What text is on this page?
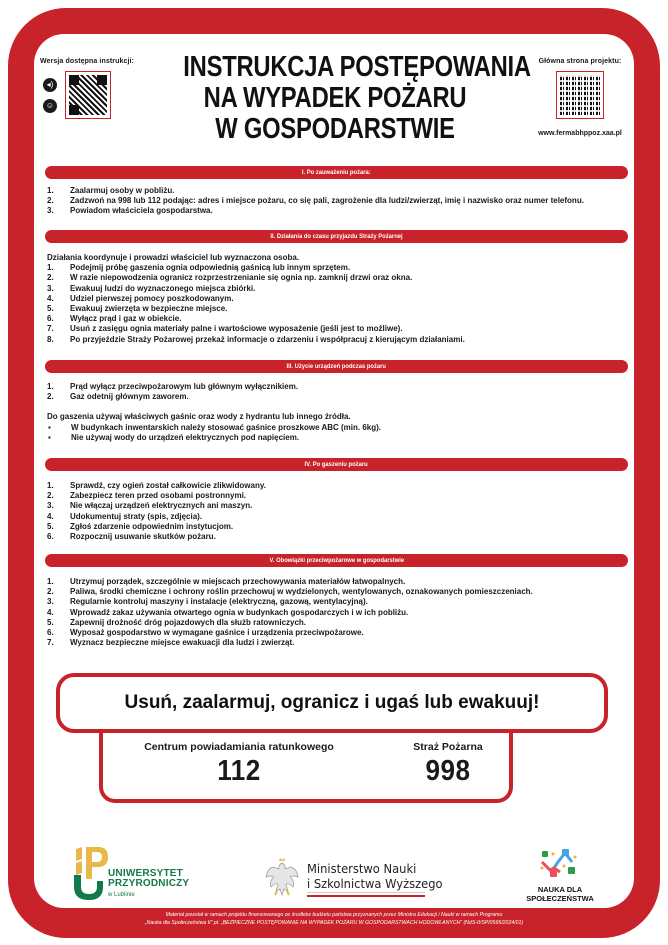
Wersja dostępna instrukcji:
◂)
☺
INSTRUKCJA POSTĘPOWANIA
NA WYPADEK POŻARU
W GOSPODARSTWIE
Główna strona projektu:
www.fermabhppoz.xaa.pl
I. Po zauważeniu pożara:
1.	Zaalarmuj osoby w pobliżu.
2.	Zadzwoń na 998 lub 112 podając: adres i miejsce pożaru, co się pali, zagrożenie dla ludzi/zwierząt, imię i nazwisko oraz numer telefonu.
3.	Powiadom właściciela gospodarstwa.
II. Działania do czasu przyjazdu Straży Pożarnej
Działania koordynuje i prowadzi właściciel lub wyznaczona osoba.
1.	Podejmij próbę gaszenia ognia odpowiednią gaśnicą lub innym sprzętem.
2.	W razie niepowodzenia ogranicz rozprzestrzenianie się ognia np. zamknij drzwi oraz okna.
3.	Ewakuuj ludzi do wyznaczonego miejsca zbiórki.
4.	Udziel pierwszej pomocy poszkodowanym.
5.	Ewakuuj zwierzęta w bezpieczne miejsce.
6.	Wyłącz prąd i gaz w obiekcie.
7.	Usuń z zasięgu ognia materiały palne i wartościowe wyposażenie (jeśli jest to możliwe).
8.	Po przyjeździe Straży Pożarowej przekaż informacje o zdarzeniu i współpracuj z kierującym działaniami.
III. Użycie urządzeń podczas pożaru
1.	Prąd wyłącz przeciwpożarowym lub głównym wyłącznikiem.
2.	Gaz odetnij głównym zaworem.
Do gaszenia używaj właściwych gaśnic oraz wody z hydrantu lub innego źródła.
▪	W budynkach inwentarskich należy stosować gaśnice proszkowe ABC (min. 6kg).
▪	Nie używaj wody do urządzeń elektrycznych pod napięciem.
IV. Po gaszeniu pożaru
1.	Sprawdź, czy ogień został całkowicie zlikwidowany.
2.	Zabezpiecz teren przed osobami postronnymi.
3.	Nie włączaj urządzeń elektrycznych ani maszyn.
4.	Udokumentuj straty (spis, zdjęcia).
5.	Zgłoś zdarzenie odpowiednim instytucjom.
6.	Rozpocznij usuwanie skutków pożaru.
V. Obowiązki przeciwpożarowe w gospodarstwie
1.	Utrzymuj porządek, szczególnie w miejscach przechowywania materiałów łatwopalnych.
2.	Paliwa, środki chemiczne i ochrony roślin przechowuj w wydzielonych, wentylowanych, oznakowanych pomieszczeniach.
3.	Regularnie kontroluj maszyny i instalacje (elektryczną, gazową, wentylacyjną).
4.	Wprowadź zakaz używania otwartego ognia w budynkach gospodarczych i w ich pobliżu.
5.	Zapewnij drożność dróg pojazdowych dla służb ratowniczych.
6.	Wyposaż gospodarstwo w wymagane gaśnice i urządzenia przeciwpożarowe.
7.	Wyznacz bezpieczne miejsce ewakuacji dla ludzi i zwierząt.
Usuń, zaalarmuj, ogranicz i ugaś lub ewakuuj!
Centrum powiadamiania ratunkowego
112
Straż Pożarna
998
UNIWERSYTET
PRZYRODNICZY
w Lublinie
Ministerstwo Nauki
i Szkolnictwa Wyższego	NAUKA DLA
SPOŁECZEŃSTWA
Materiał powstał w ramach projektu finansowanego ze środków budżetu państwa przyznanych przez Ministra Edukacji i Nauki w ramach Programu
„Nauka dla Społeczeństwa II” pt. „BEZPIECZNE POSTĘPOWANIE NA WYPADEK POŻARU W GOSPODARSTWACH HODOWLANYCH” (NdS-II/SP/0595/2024/01)
